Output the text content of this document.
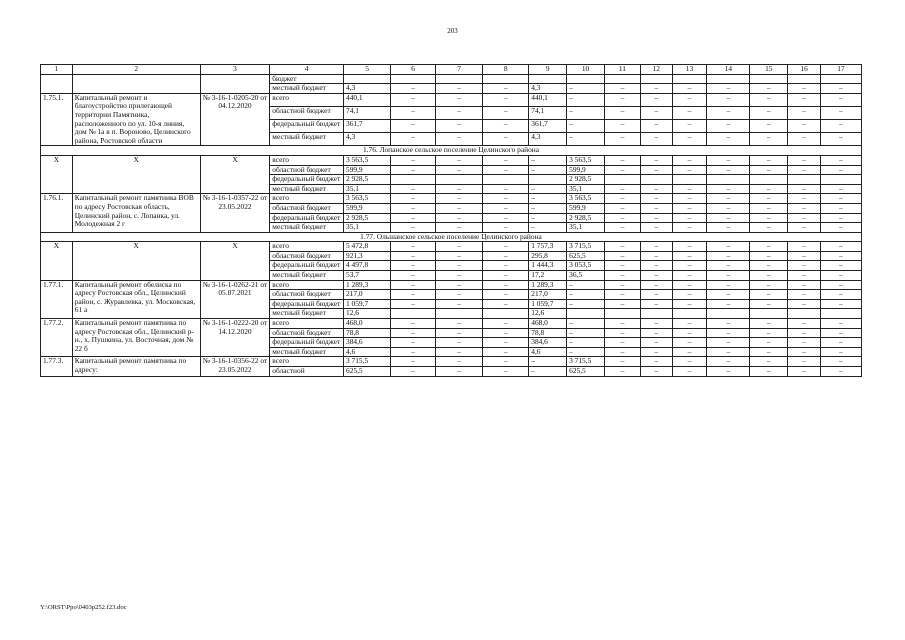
203
1	2	3	4	5	6	7	8	9	10	11	12	13	14	15	16	17
			бюджет													
			местный бюджет	4,3	–	–	–	4,3	–	–	–	–	–	–	–	–
1.75.1.	Капитальный ремонт и благоустройство прилегающей территории Памятника, расположенного по ул. 10-я линия, дом № 1а в п. Вороново, Целинского района, Ростовской области	№ 3-16-1-0205-20 от 04.12.2020	всего	440,1	–	–	–	440,1	–	–	–	–	–	–	–	–
			областной бюджет	74,1	–	–	–	74,1	–	–	–	–	–	–	–	–
			федеральный бюджет	361,7	–	–	–	361,7	–	–	–	–	–	–	–	–
			местный бюджет	4,3	–	–	–	4,3	–	–	–	–	–	–	–	–
1.76. Лопанское сельское поселение Целинского района																
Х	Х	Х	всего	3 563,5	–	–	–	–	3 563,5	–	–	–	–	–	–	–
			областной бюджет	599,9	–	–	–	–	599,9	–	–	–	–	–	–	–
			федеральный бюджет	2 928,5					2 928,5							
			местный бюджет	35,1	–	–	–	–	35,1	–	–	–	–	–	–	–
1.76.1.	Капитальный ремонт памятника ВОВ по адресу Ростовская область, Целинский район, с. Лопанка, ул. Молодежная 2 г	№ 3-16-1-0357-22 от 23.05.2022	всего	3 563,5	–	–	–	–	3 563,5	–	–	–	–	–	–	–
			областной бюджет	599,9	–	–	–	–	599,9	–	–	–	–	–	–	–
			федеральный бюджет	2 928,5	–	–	–	–	2 928,5	–	–	–	–	–	–	–
			местный бюджет	35,1	–	–	–	–	35,1	–	–	–	–	–	–	–
1.77. Ольшанское сельское поселение Целинского района																
Х	Х	Х	всего	5 472,8	–	–	–	1 757,3	3 715,5	–	–	–	–	–	–	–
			областной бюджет	921,3	–	–	–	295,8	625,5	–	–	–	–	–	–	–
			федеральный бюджет	4 497,8	–	–	–	1 444,3	3 053,5	–	–	–	–	–	–	–
			местный бюджет	53,7	–	–	–	17,2	36,5	–	–	–	–	–	–	–
1.77.1.	Капитальный ремонт обелиска по адресу Ростовская обл., Целинский район, с. Журавлевка, ул. Московская, 61 а	№ 3-16-1-0262-21 от 05.07.2021	всего	1 289,3	–	–	–	1 289,3	–	–	–	–	–	–	–	–
			областной бюджет	217,0	–	–	–	217,0	–	–	–	–	–	–	–	–
			федеральный бюджет	1 059,7	–	–	–	1 059,7	–	–	–	–	–	–	–	–
			местный бюджет	12,6				12,6								
1.77.2.	Капитальный ремонт памятника по адресу Ростовская обл., Целинский р-н., х. Пушкина, ул. Восточная, дом № 22 б	№ 3-16-1-0222-20 от 14.12.2020	всего	468,0	–	–	–	468,0	–	–	–	–	–	–	–	–
			областной бюджет	78,8	–	–	–	78,8	–	–	–	–	–	–	–	–
			федеральный бюджет	384,6	–	–	–	384,6	–	–	–	–	–	–	–	–
			местный бюджет	4,6	–	–	–	4,6	–	–	–	–	–	–	–	–
1.77.3.	Капитальный ремонт памятника по адресу:	№ 3-16-1-0356-22 от 23.05.2022	всего	3 715,5	–	–	–	–	3 715,5	–	–	–	–	–	–	–
			областной	625,5	–	–	–	–	625,5	–	–	–	–	–	–	–
Y:\ORST\Ppo\0403p252.f23.doc
